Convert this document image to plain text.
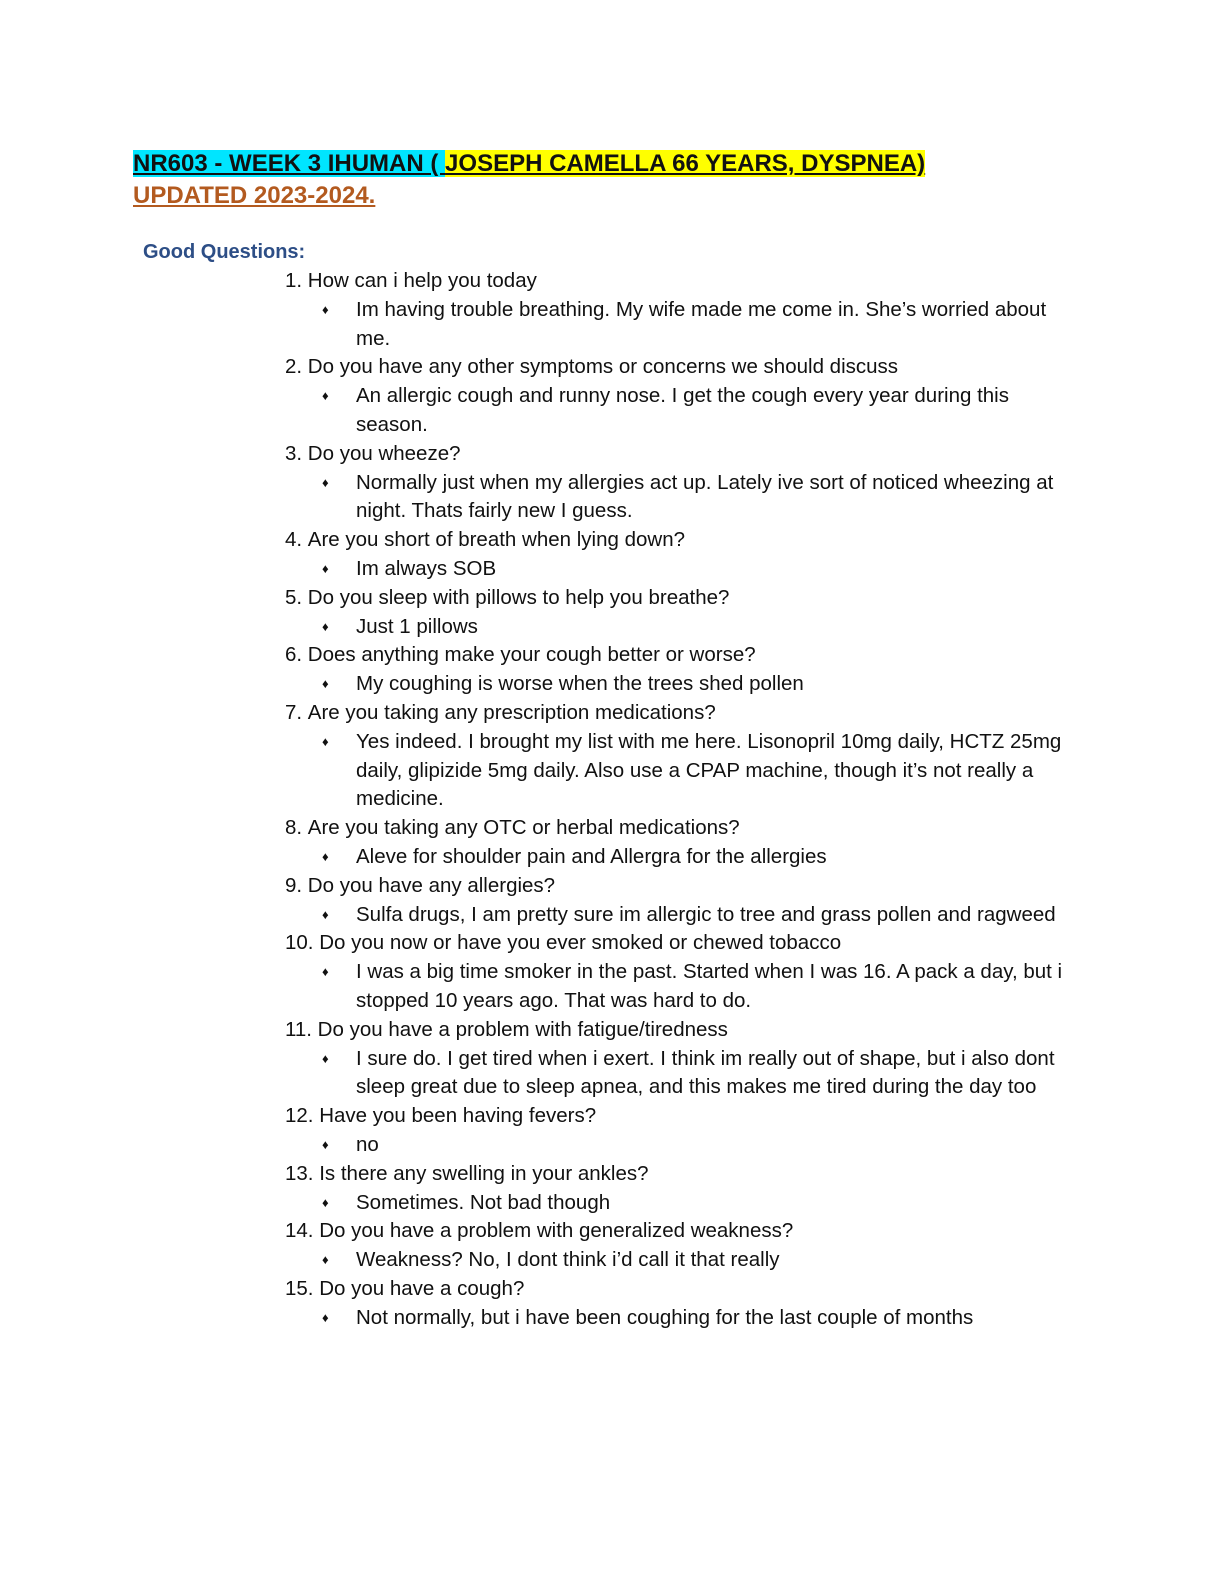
NR603 - WEEK 3 IHUMAN ( JOSEPH CAMELLA 66 YEARS, DYSPNEA)
UPDATED 2023-2024.
Good Questions:
1. How can i help you today
♦	Im having trouble breathing. My wife made me come in. She’s worried about me.
2. Do you have any other symptoms or concerns we should discuss
♦	An allergic cough and runny nose. I get the cough every year during this season.
3. Do you wheeze?
♦	Normally just when my allergies act up. Lately ive sort of noticed wheezing at night. Thats fairly new I guess.
4. Are you short of breath when lying down?
♦	Im always SOB
5. Do you sleep with pillows to help you breathe?
♦	Just 1 pillows
6. Does anything make your cough better or worse?
♦	My coughing is worse when the trees shed pollen
7. Are you taking any prescription medications?
♦	Yes indeed. I brought my list with me here. Lisonopril 10mg daily, HCTZ 25mg daily, glipizide 5mg daily. Also use a CPAP machine, though it’s not really a medicine.
8. Are you taking any OTC or herbal medications?
♦	Aleve for shoulder pain and Allergra for the allergies
9. Do you have any allergies?
♦	Sulfa drugs, I am pretty sure im allergic to tree and grass pollen and ragweed
10. Do you now or have you ever smoked or chewed tobacco
♦	I was a big time smoker in the past. Started when I was 16. A pack a day, but i stopped 10 years ago. That was hard to do.
11. Do you have a problem with fatigue/tiredness
♦	I sure do. I get tired when i exert. I think im really out of shape, but i also dont sleep great due to sleep apnea, and this makes me tired during the day too
12. Have you been having fevers?
♦	no
13. Is there any swelling in your ankles?
♦	Sometimes. Not bad though
14. Do you have a problem with generalized weakness?
♦	Weakness? No, I dont think i’d call it that really
15. Do you have a cough?
♦	Not normally, but i have been coughing for the last couple of months
